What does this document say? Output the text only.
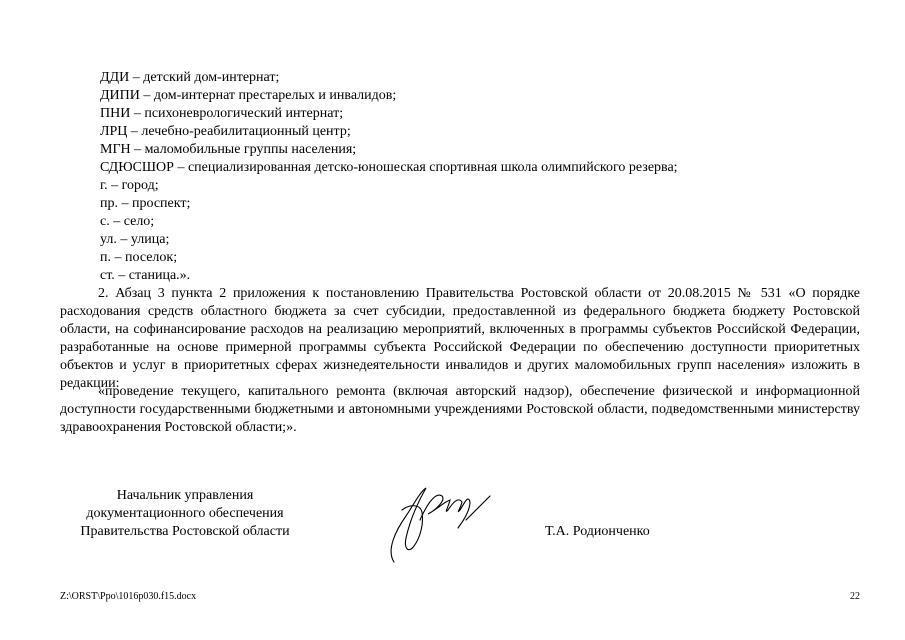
ДДИ – детский дом-интернат;
ДИПИ – дом-интернат престарелых и инвалидов;
ПНИ – психоневрологический интернат;
ЛРЦ – лечебно-реабилитационный центр;
МГН – маломобильные группы населения;
СДЮСШОР – специализированная детско-юношеская спортивная школа олимпийского резерва;
г. – город;
пр. – проспект;
с. – село;
ул. – улица;
п. – поселок;
ст. – станица.».

2. Абзац 3 пункта 2 приложения к постановлению Правительства Ростовской области от 20.08.2015 № 531 «О порядке расходования средств областного бюджета за счет субсидии, предоставленной из федерального бюджета бюджету Ростовской области, на софинансирование расходов на реализацию мероприятий, включенных в программы субъектов Российской Федерации, разработанные на основе примерной программы субъекта Российской Федерации по обеспечению доступности приоритетных объектов и услуг в приоритетных сферах жизнедеятельности инвалидов и других маломобильных групп населения» изложить в редакции:

«проведение текущего, капитального ремонта (включая авторский надзор), обеспечение физической и информационной доступности государственными бюджетными и автономными учреждениями Ростовской области, подведомственными министерству здравоохранения Ростовской области;».

Начальник управления
документационного обеспечения
Правительства Ростовской области	Т.А. Родионченко
Z:\ORST\Ppo\1016p030.f15.docx	22
